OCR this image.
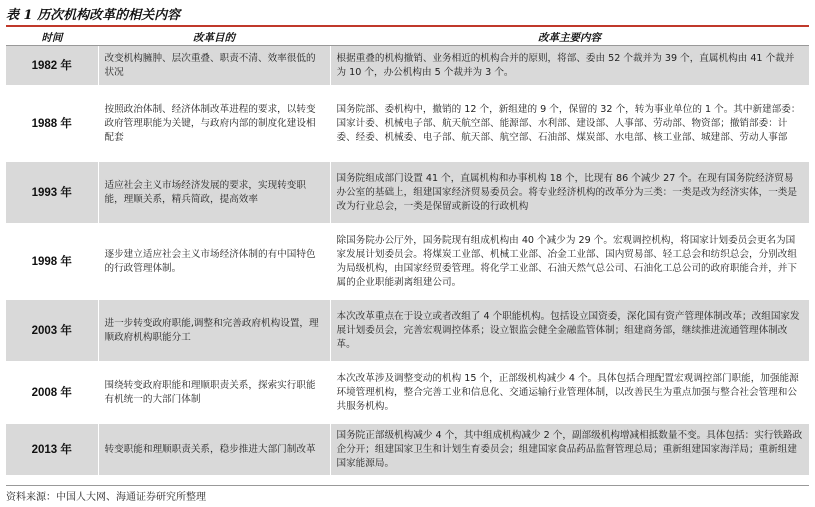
表 1 历次机构改革的相关内容
时间	改革目的	改革主要内容
1982 年	改变机构臃肿、层次重叠、职责不清、效率很低的状况	根据重叠的机构撤销、业务相近的机构合并的原则，将部、委由 52 个裁并为 39 个，直属机构由 41 个裁并为 10 个，办公机构由 5 个裁并为 3 个。
1988 年	按照政治体制、经济体制改革进程的要求，以转变政府管理职能为关键，与政府内部的制度化建设相配套	国务院部、委机构中，撤销的 12 个，新组建的 9 个，保留的 32 个，转为事业单位的 1 个。其中新建部委：国家计委、机械电子部、航天航空部、能源部、水利部、建设部、人事部、劳动部、物资部；撤销部委：计委、经委、机械委、电子部、航天部、航空部、石油部、煤炭部、水电部、核工业部、城建部、劳动人事部
1993 年	适应社会主义市场经济发展的要求，实现转变职能，理顺关系，精兵简政，提高效率	国务院组成部门设置 41 个，直属机构和办事机构 18 个，比现有 86 个减少 27 个。在现有国务院经济贸易办公室的基础上，组建国家经济贸易委员会。将专业经济机构的改革分为三类：一类是改为经济实体，一类是改为行业总会，一类是保留或新设的行政机构
1998 年	逐步建立适应社会主义市场经济体制的有中国特色的行政管理体制。	除国务院办公厅外，国务院现有组成机构由 40 个减少为 29 个。宏观调控机构，将国家计划委员会更名为国家发展计划委员会。将煤炭工业部、机械工业部、冶金工业部、国内贸易部、轻工总会和纺织总会，分别改组为局级机构，由国家经贸委管理。将化学工业部、石油天然气总公司、石油化工总公司的政府职能合并，并下属的企业职能剥离组建公司。
2003 年	进一步转变政府职能,调整和完善政府机构设置，理顺政府机构职能分工	本次改革重点在于设立或者改组了 4 个职能机构。包括设立国资委，深化国有资产管理体制改革；改组国家发展计划委员会，完善宏观调控体系；设立银监会健全金融监管体制；组建商务部，继续推进流通管理体制改革。
2008 年	围绕转变政府职能和理顺职责关系，探索实行职能有机统一的大部门体制	本次改革涉及调整变动的机构 15 个，正部级机构减少 4 个。具体包括合理配置宏观调控部门职能，加强能源环境管理机构，整合完善工业和信息化、交通运输行业管理体制，以改善民生为重点加强与整合社会管理和公共服务机构。
2013 年	转变职能和理顺职责关系，稳步推进大部门制改革	国务院正部级机构减少 4 个，其中组成机构减少 2 个，副部级机构增减相抵数量不变。具体包括：实行铁路政企分开；组建国家卫生和计划生育委员会；组建国家食品药品监督管理总局；重新组建国家海洋局；重新组建国家能源局。
资料来源：中国人大网、海通证券研究所整理
